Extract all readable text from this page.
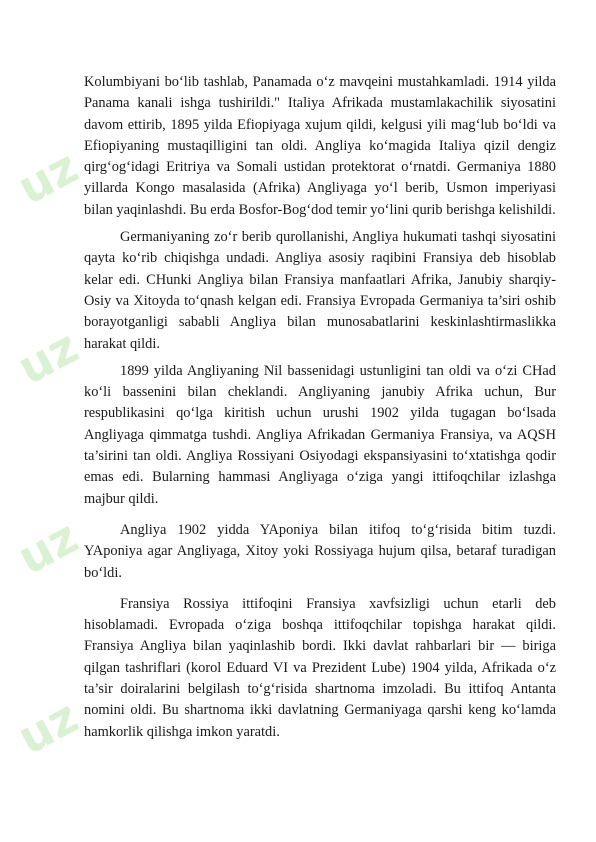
uz
uz
uz
uz

Kolumbiyani bo‘lib tashlab, Panamada o‘z mavqeini mustahkamladi. 1914 yilda Panama kanali ishga tushirildi." Italiya Afrikada mustamlakachilik siyosatini davom ettirib, 1895 yilda Efiopiyaga xujum qildi, kelgusi yili mag‘lub bo‘ldi va Efiopiyaning mustaqilligini tan oldi. Angliya ko‘magida Italiya qizil dengiz qirg‘og‘idagi Eritriya va Somali ustidan protektorat o‘rnatdi. Germaniya 1880 yillarda Kongo masalasida (Afrika) Angliyaga yo‘l berib, Usmon imperiyasi bilan yaqinlashdi. Bu erda Bosfor-Bog‘dod temir yo‘lini qurib berishga kelishildi.

Germaniyaning zo‘r berib qurollanishi, Angliya hukumati tashqi siyosatini qayta ko‘rib chiqishga undadi. Angliya asosiy raqibini Fransiya deb hisoblab kelar edi. CHunki Angliya bilan Fransiya manfaatlari Afrika, Janubiy sharqiy-Osiy va Xitoyda to‘qnash kelgan edi. Fransiya Evropada Germaniya ta’siri oshib borayotganligi sababli Angliya bilan munosabatlarini keskinlashtirmaslikka harakat qildi.

1899 yilda Angliyaning Nil bassenidagi ustunligini tan oldi va o‘zi CHad ko‘li bassenini bilan cheklandi. Angliyaning janubiy Afrika uchun, Bur respublikasini qo‘lga kiritish uchun urushi 1902 yilda tugagan bo‘lsada Angliyaga qimmatga tushdi. Angliya Afrikadan Germaniya Fransiya, va AQSH ta’sirini tan oldi. Angliya Rossiyani Osiyodagi ekspansiyasini to‘xtatishga qodir emas edi. Bularning hammasi Angliyaga o‘ziga yangi ittifoqchilar izlashga majbur qildi.

Angliya 1902 yidda YAponiya bilan itifoq to‘g‘risida bitim tuzdi. YAponiya agar Angliyaga, Xitoy yoki Rossiyaga hujum qilsa, betaraf turadigan bo‘ldi.

Fransiya Rossiya ittifoqini Fransiya xavfsizligi uchun etarli deb hisoblamadi. Evropada o‘ziga boshqa ittifoqchilar topishga harakat qildi. Fransiya Angliya bilan yaqinlashib bordi. Ikki davlat rahbarlari bir — biriga qilgan tashriflari (korol Eduard VI va Prezident Lube) 1904 yilda, Afrikada o‘z ta’sir doiralarini belgilash to‘g‘risida shartnoma imzoladi. Bu ittifoq Antanta nomini oldi. Bu shartnoma ikki davlatning Germaniyaga qarshi keng ko‘lamda hamkorlik qilishga imkon yaratdi.
